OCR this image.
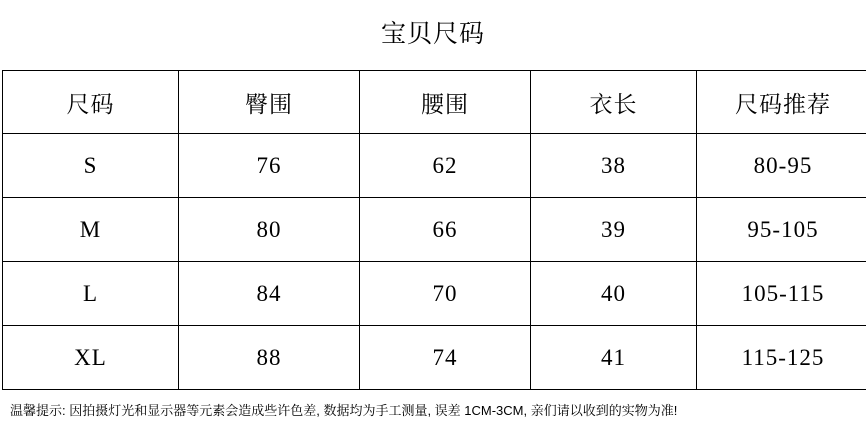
宝贝尺码
尺码	臀围	腰围	衣长	尺码推荐
S	76	62	38	80-95
M	80	66	39	95-105
L	84	70	40	105-115
XL	88	74	41	115-125
温馨提示: 因拍摄灯光和显示器等元素会造成些许色差, 数据均为手工测量, 误差 1CM-3CM, 亲们请以收到的实物为准!
